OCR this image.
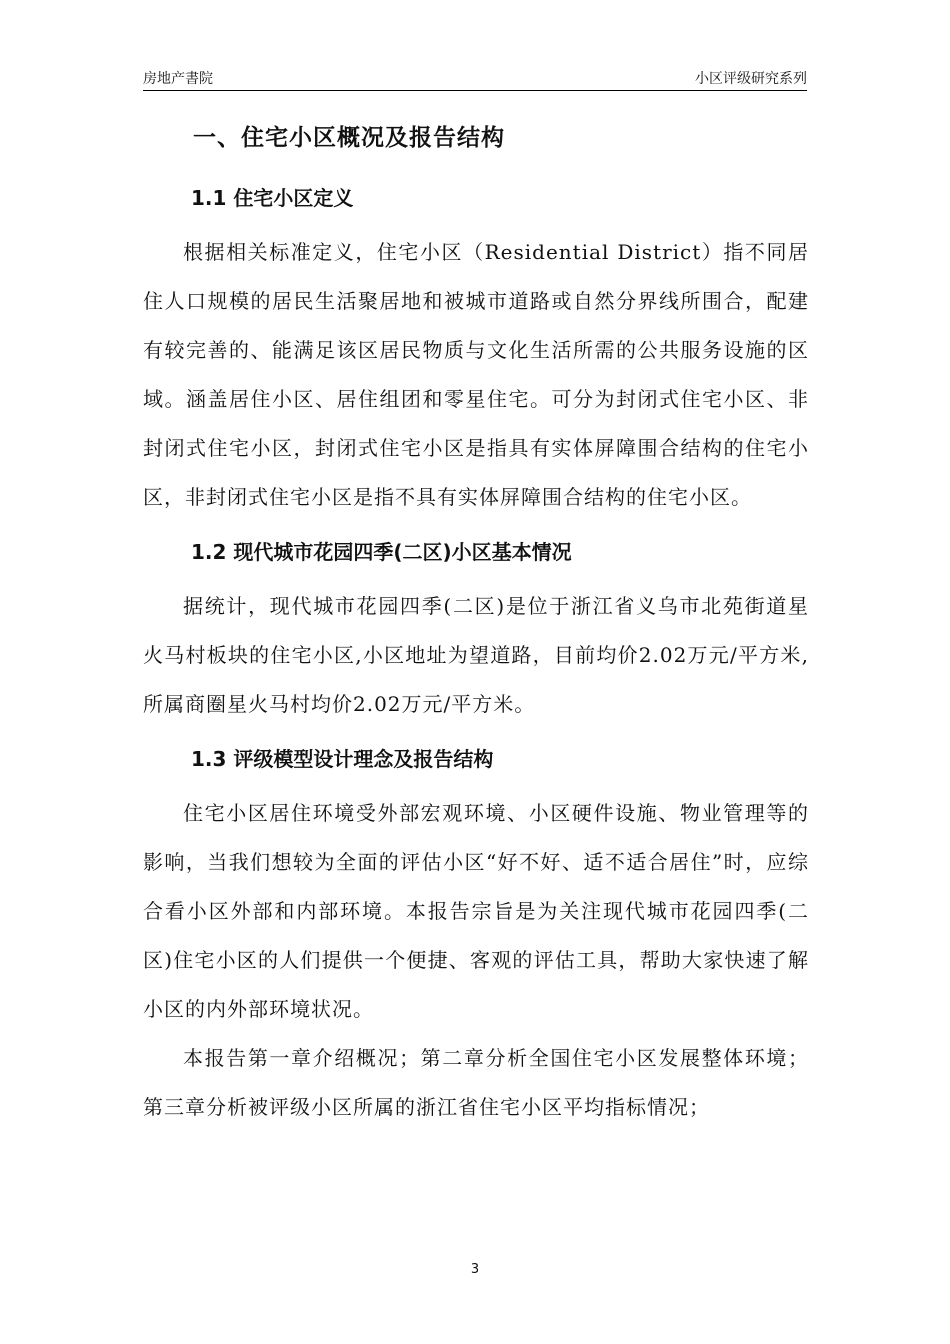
房地产書院	小区评级研究系列
一、住宅小区概况及报告结构
1.1 住宅小区定义

根据相关标准定义，住宅小区（Residential District）指不同居住人口规模的居民生活聚居地和被城市道路或自然分界线所围合，配建有较完善的、能满足该区居民物质与文化生活所需的公共服务设施的区域。涵盖居住小区、居住组团和零星住宅。可分为封闭式住宅小区、非封闭式住宅小区，封闭式住宅小区是指具有实体屏障围合结构的住宅小区，非封闭式住宅小区是指不具有实体屏障围合结构的住宅小区。

1.2 现代城市花园四季(二区)小区基本情况

据统计，现代城市花园四季(二区)是位于浙江省义乌市北苑街道星火马村板块的住宅小区,小区地址为望道路，目前均价2.02万元/平方米,所属商圈星火马村均价2.02万元/平方米。

1.3 评级模型设计理念及报告结构

住宅小区居住环境受外部宏观环境、小区硬件设施、物业管理等的影响，当我们想较为全面的评估小区“好不好、适不适合居住”时，应综合看小区外部和内部环境。本报告宗旨是为关注现代城市花园四季(二区)住宅小区的人们提供一个便捷、客观的评估工具，帮助大家快速了解小区的内外部环境状况。

本报告第一章介绍概况；第二章分析全国住宅小区发展整体环境；第三章分析被评级小区所属的浙江省住宅小区平均指标情况；

3
